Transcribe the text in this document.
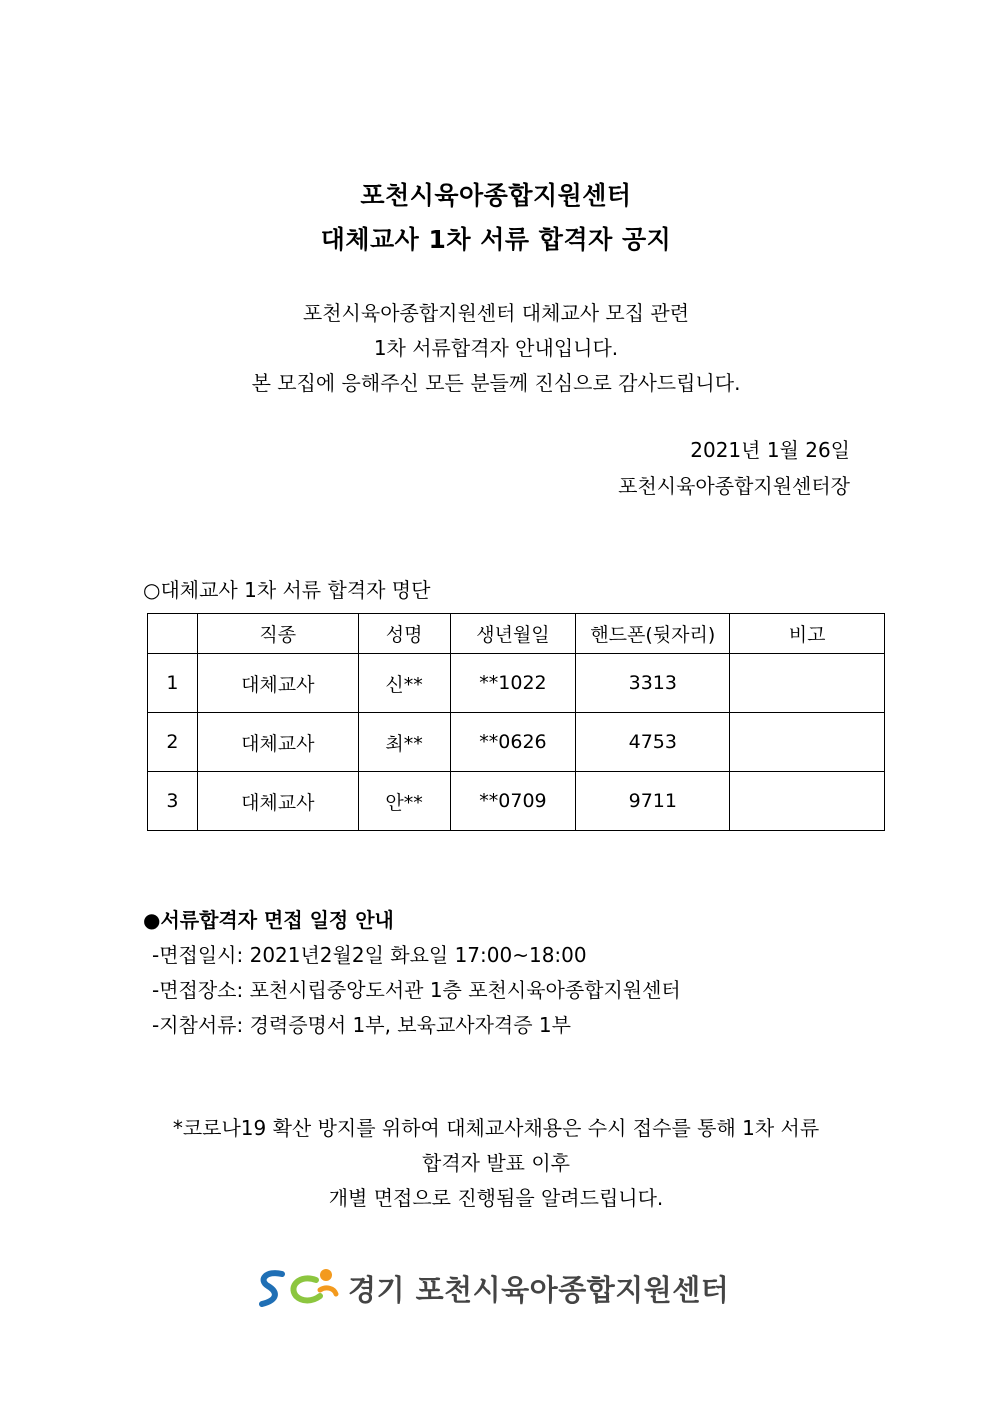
포천시육아종합지원센터
대체교사 1차 서류 합격자 공지
포천시육아종합지원센터 대체교사 모집 관련
1차 서류합격자 안내입니다.
본 모집에 응해주신 모든 분들께 진심으로 감사드립니다.
2021년 1월 26일
포천시육아종합지원센터장
○대체교사 1차 서류 합격자 명단
	직종	성명	생년월일	핸드폰(뒷자리)	비고
1	대체교사	신**	**1022	3313	
2	대체교사	최**	**0626	4753	
3	대체교사	안**	**0709	9711	
●서류합격자 면접 일정 안내
-면접일시: 2021년2월2일 화요일 17:00~18:00
-면접장소: 포천시립중앙도서관 1층 포천시육아종합지원센터
-지참서류: 경력증명서 1부, 보육교사자격증 1부
*코로나19 확산 방지를 위하여 대체교사채용은 수시 접수를 통해 1차 서류
합격자 발표 이후
개별 면접으로 진행됨을 알려드립니다.
경기 포천시육아종합지원센터
